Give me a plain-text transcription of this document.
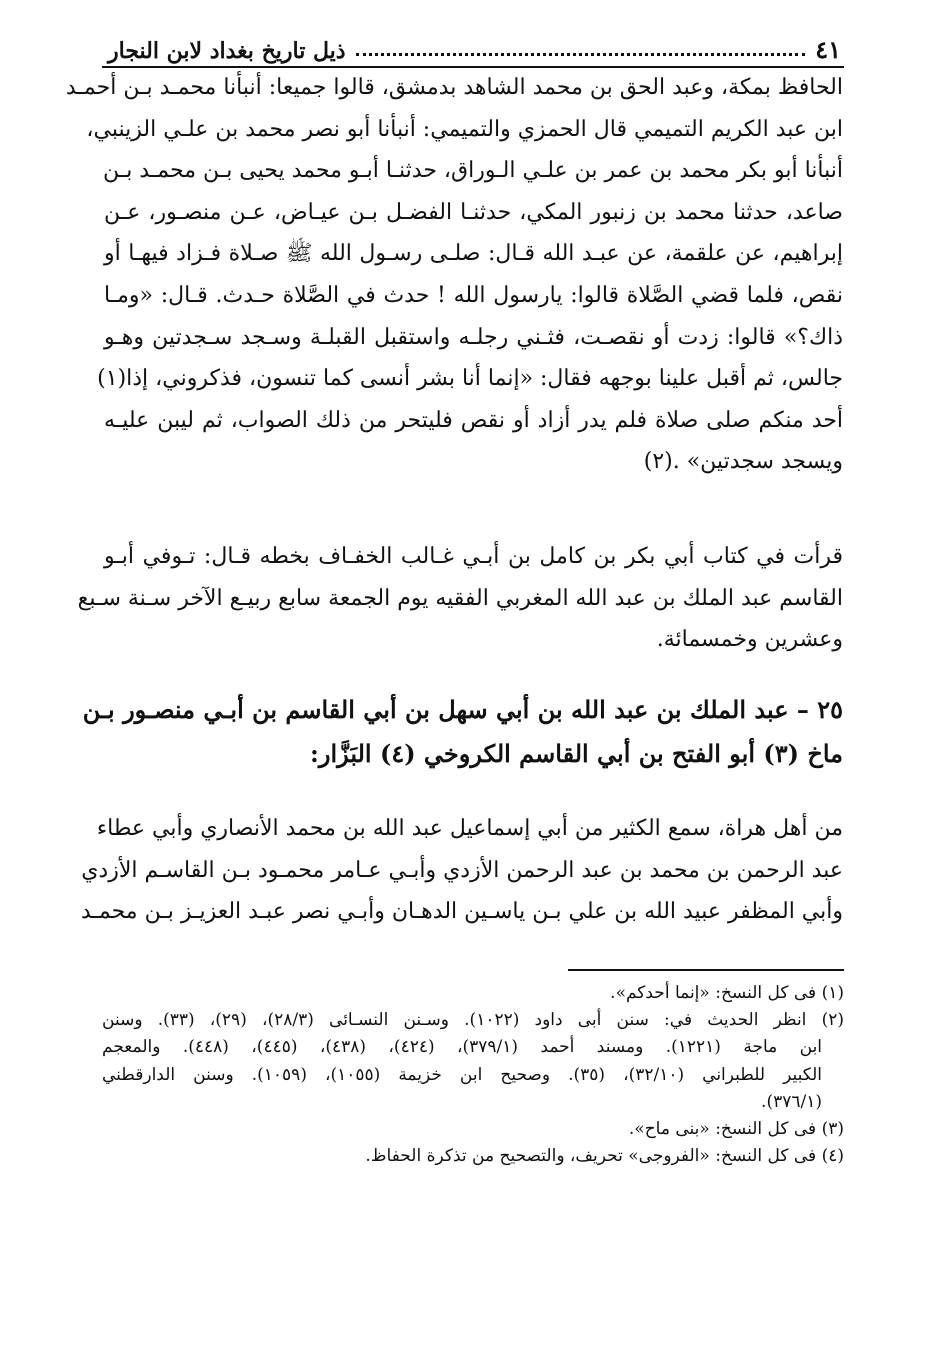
ذيل تاريخ بغداد لابن النجار	٤١
الحافظ بمكة، وعبد الحق بن محمد الشاهد بدمشق، قالوا جميعا: أنبأنا محمـد بـن أحمـد
ابن عبد الكريم التميمي قال الحمزي والتميمي: أنبأنا أبو نصر محمد بن علـي الزينبي،
أنبأنا أبو بكر محمد بن عمر بن علـي الـوراق، حدثنـا أبـو محمد يحيى بـن محمـد بـن
صاعد، حدثنا محمد بن زنبور المكي، حدثنـا الفضـل بـن عيـاض، عـن منصـور، عـن
إبراهيم، عن علقمة، عن عبـد الله قـال: صلـى رسـول الله ﷺ صـلاة فـزاد فيهـا أو
نقص، فلما قضي الصَّلاة قالوا: يارسول الله ! حدث في الصَّلاة حـدث. قـال: «ومـا
ذاك؟» قالوا: زدت أو نقصـت، فثـني رجلـه واستقبل القبلـة وسـجد سـجدتين وهـو
جالس، ثم أقبل علينا بوجهه فقال: «إنما أنا بشر أنسى كما تنسون، فذكروني، إذا(١)
أحد منكم صلى صلاة فلم يدر أزاد أو نقص فليتحر من ذلك الصواب، ثم ليبن عليـه
ويسجد سجدتين» .(٢)
قرأت في كتاب أبي بكر بن كامل بن أبـي غـالب الخفـاف بخطه قـال: تـوفي أبـو
القاسم عبد الملك بن عبد الله المغربي الفقيه يوم الجمعة سابع ربيـع الآخر سـنة سـبع
وعشرين وخمسمائة.
٢٥ – عبد الملك بن عبد الله بن أبي سهل بن أبي القاسم بن أبـي منصـور بـن
ماخ (٣) أبو الفتح بن أبي القاسم الكروخي (٤) البَزَّار:
من أهل هراة، سمع الكثير من أبي إسماعيل عبد الله بن محمد الأنصاري وأبي عطاء
عبد الرحمن بن محمد بن عبد الرحمن الأزدي وأبـي عـامر محمـود بـن القاسـم الأزدي
وأبي المظفر عبيد الله بن علي بـن ياسـين الدهـان وأبـي نصر عبـد العزيـز بـن محمـد
(١) فى كل النسخ: «إنما أحدكم».
(٢) انظر الحديث في: سنن أبى داود (١٠٢٢). وسـنن النسـائى (٢٨/٣)، (٢٩)، (٣٣). وسنن
ابن ماجة (١٢٢١). ومسند أحمد (٣٧٩/١)، (٤٢٤)، (٤٣٨)، (٤٤٥)، (٤٤٨). والمعجم
الكبير للطبراني (٣٢/١٠)، (٣٥). وصحيح ابن خزيمة (١٠٥٥)، (١٠٥٩). وسنن الدارقطني
(٣٧٦/١).
(٣) فى كل النسخ: «بنى ماح».
(٤) فى كل النسخ: «الفروجى» تحريف، والتصحيح من تذكرة الحفاظ.
